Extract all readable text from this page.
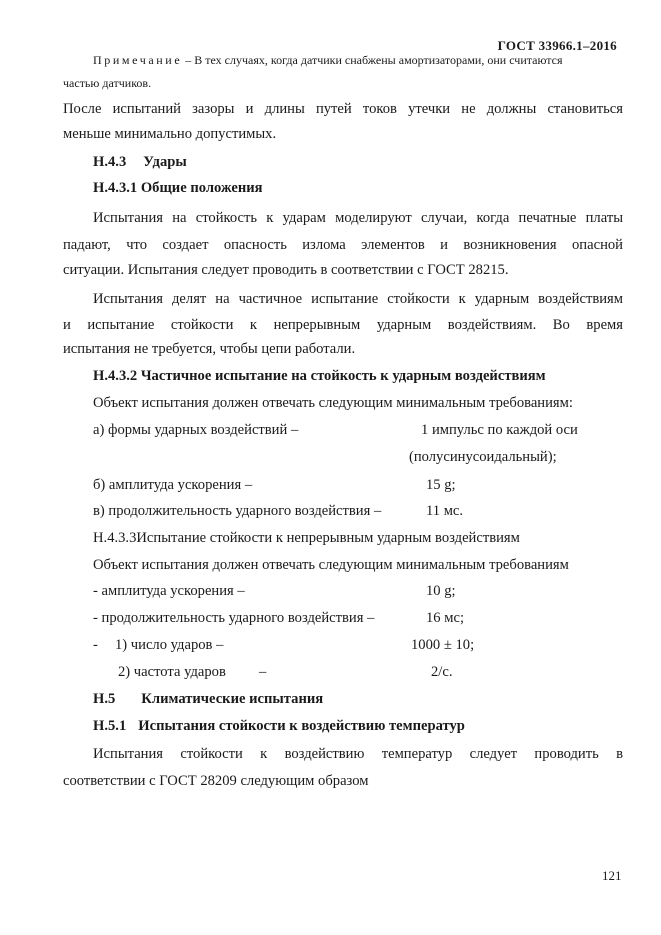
ГОСТ 33966.1–2016
Примечание – В тех случаях, когда датчики снабжены амортизаторами, они считаются
частью датчиков.
После испытаний зазоры и длины путей токов утечки не должны становиться
меньше минимально допустимых.
Н.4.3 Удары
Н.4.3.1 Общие положения
Испытания на стойкость к ударам моделируют случаи, когда печатные платы
падают, что создает опасность излома элементов и возникновения опасной
ситуации. Испытания следует проводить в соответствии с ГОСТ 28215.
Испытания делят на частичное испытание стойкости к ударным воздействиям
и испытание стойкости к непрерывным ударным воздействиям. Во время
испытания не требуется, чтобы цепи работали.
Н.4.3.2 Частичное испытание на стойкость к ударным воздействиям
Объект испытания должен отвечать следующим минимальным требованиям:
а) формы ударных воздействий –	1 импульс по каждой оси
(полусинусоидальный);
б) амплитуда ускорения –	15 g;
в) продолжительность ударного воздействия –	11 мс.
Н.4.3.3Испытание стойкости к непрерывным ударным воздействиям
Объект испытания должен отвечать следующим минимальным требованиям
- амплитуда ускорения –	10 g;
- продолжительность ударного воздействия –	16 мс;
- 1) число ударов –	1000 ± 10;
2) частота ударов –	2/с.
Н.5 Климатические испытания
Н.5.1 Испытания стойкости к воздействию температур
Испытания стойкости к воздействию температур следует проводить в
соответствии с ГОСТ 28209 следующим образом
121
